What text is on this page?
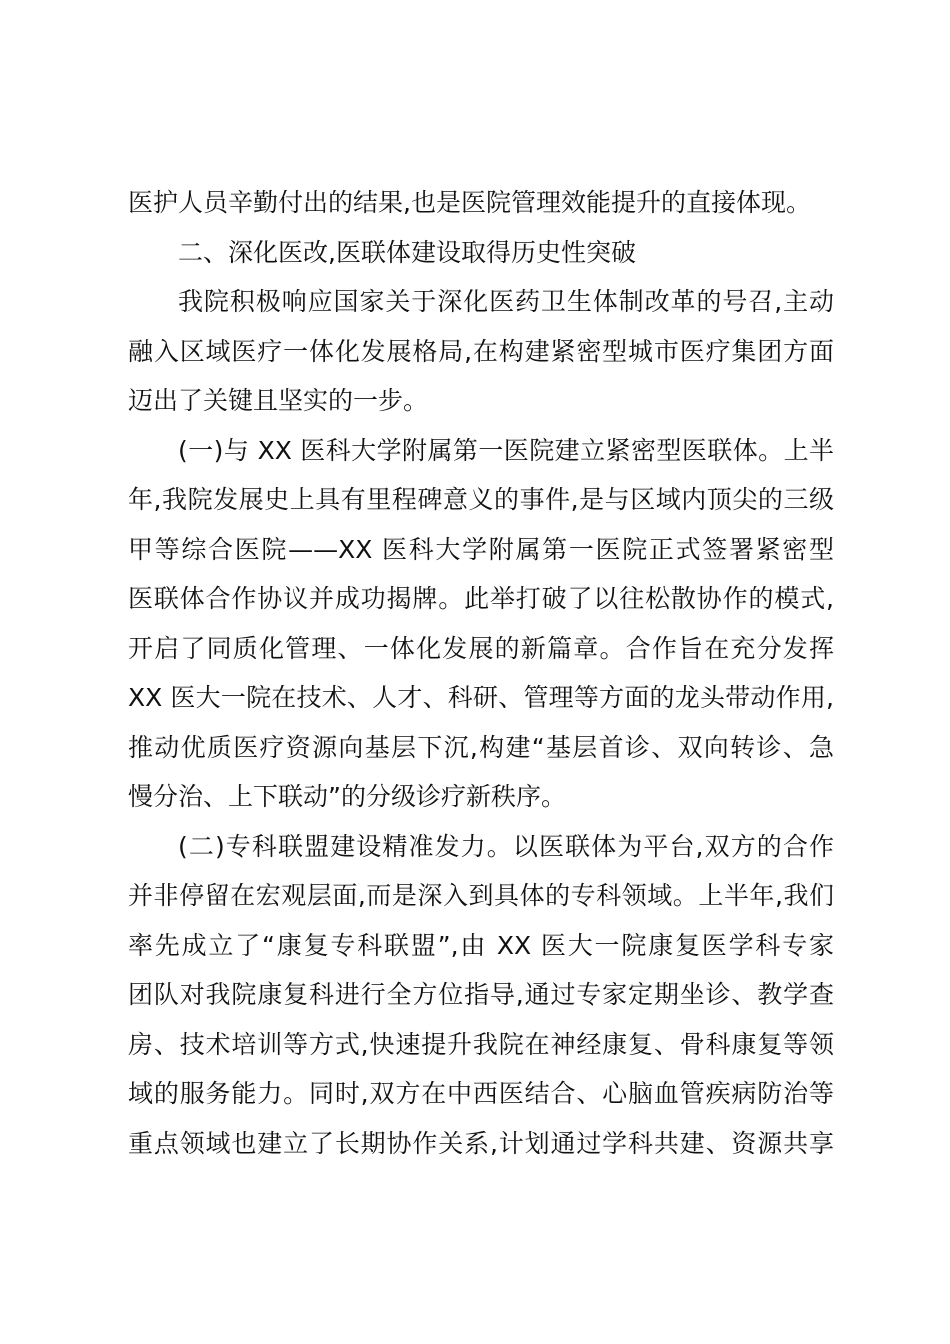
医护人员辛勤付出的结果,也是医院管理效能提升的直接体现。
二、深化医改,医联体建设取得历史性突破
我院积极响应国家关于深化医药卫生体制改革的号召,主动
融入区域医疗一体化发展格局,在构建紧密型城市医疗集团方面
迈出了关键且坚实的一步。
(一)与 XX 医科大学附属第一医院建立紧密型医联体。上半
年,我院发展史上具有里程碑意义的事件,是与区域内顶尖的三级
甲等综合医院——XX 医科大学附属第一医院正式签署紧密型
医联体合作协议并成功揭牌。此举打破了以往松散协作的模式,
开启了同质化管理、一体化发展的新篇章。合作旨在充分发挥
XX 医大一院在技术、人才、科研、管理等方面的龙头带动作用,
推动优质医疗资源向基层下沉,构建“基层首诊、双向转诊、急
慢分治、上下联动”的分级诊疗新秩序。
(二)专科联盟建设精准发力。以医联体为平台,双方的合作
并非停留在宏观层面,而是深入到具体的专科领域。上半年,我们
率先成立了“康复专科联盟”,由 XX 医大一院康复医学科专家
团队对我院康复科进行全方位指导,通过专家定期坐诊、教学查
房、技术培训等方式,快速提升我院在神经康复、骨科康复等领
域的服务能力。同时,双方在中西医结合、心脑血管疾病防治等
重点领域也建立了长期协作关系,计划通过学科共建、资源共享
